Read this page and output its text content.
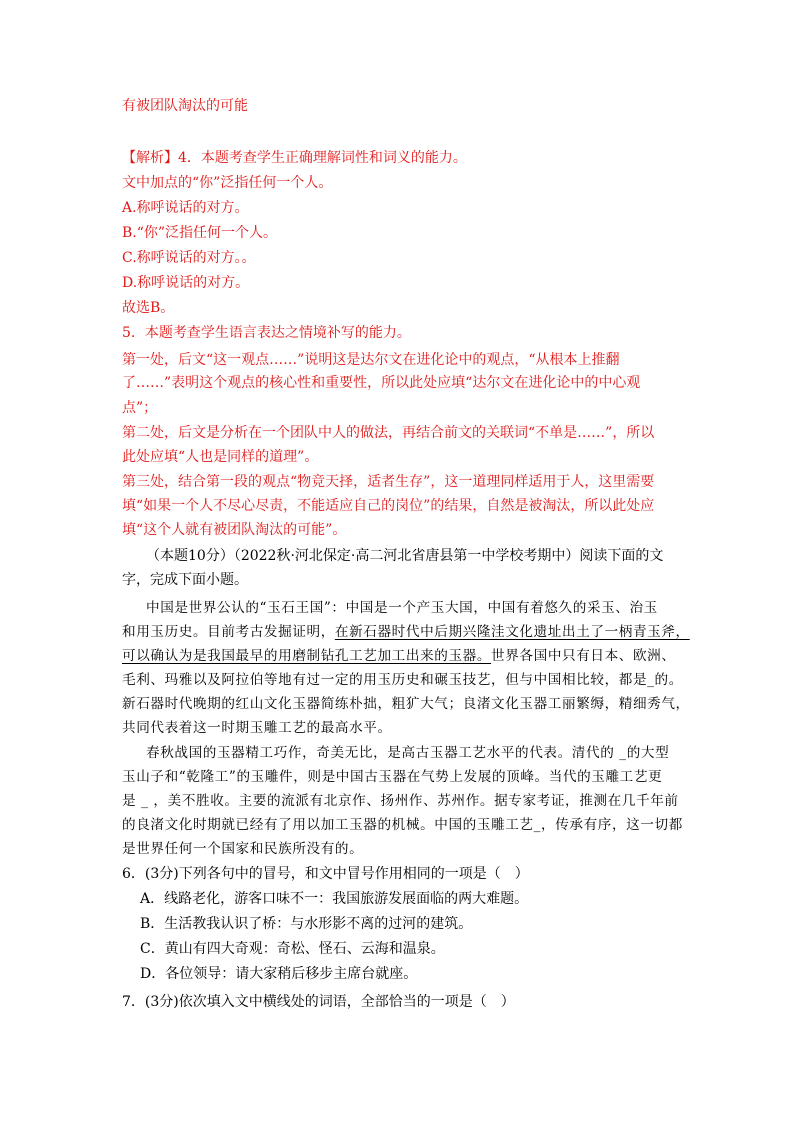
有被团队淘汰的可能
【解析】4．本题考查学生正确理解词性和词义的能力。
文中加点的“你”泛指任何一个人。
A.称呼说话的对方。
B.“你”泛指任何一个人。
C.称呼说话的对方。。
D.称呼说话的对方。
故选B。
5．本题考查学生语言表达之情境补写的能力。
第一处，后文“这一观点……”说明这是达尔文在进化论中的观点，“从根本上推翻
了……”表明这个观点的核心性和重要性，所以此处应填“达尔文在进化论中的中心观
点”；
第二处，后文是分析在一个团队中人的做法，再结合前文的关联词“不单是……”，所以
此处应填“人也是同样的道理”。
第三处，结合第一段的观点“物竞天择，适者生存”，这一道理同样适用于人，这里需要
填“如果一个人不尽心尽责，不能适应自己的岗位”的结果，自然是被淘汰，所以此处应
填“这个人就有被团队淘汰的可能”。
（本题10分）（2022秋·河北保定·高二河北省唐县第一中学校考期中）阅读下面的文
字，完成下面小题。
中国是世界公认的“玉石王国”：中国是一个产玉大国，中国有着悠久的采玉、治玉
和用玉历史。目前考古发掘证明，在新石器时代中后期兴隆洼文化遗址出土了一柄青玉斧，
可以确认为是我国最早的用磨制钻孔工艺加工出来的玉器。世界各国中只有日本、欧洲、
毛利、玛雅以及阿拉伯等地有过一定的用玉历史和碾玉技艺，但与中国相比较，都是_的。
新石器时代晚期的红山文化玉器简练朴拙，粗犷大气；良渚文化玉器工丽繁缛，精细秀气，
共同代表着这一时期玉雕工艺的最高水平。
春秋战国的玉器精工巧作，奇美无比，是高古玉器工艺水平的代表。清代的 _的大型
玉山子和“乾隆工”的玉雕件，则是中国古玉器在气势上发展的顶峰。当代的玉雕工艺更
是 _ ，美不胜收。主要的流派有北京作、扬州作、苏州作。据专家考证，推测在几千年前
的良渚文化时期就已经有了用以加工玉器的机械。中国的玉雕工艺_，传承有序，这一切都
是世界任何一个国家和民族所没有的。
6．(3分)下列各句中的冒号，和文中冒号作用相同的一项是（　）
A．线路老化，游客口味不一：我国旅游发展面临的两大难题。
B．生活教我认识了桥：与水形影不离的过河的建筑。
C．黄山有四大奇观：奇松、怪石、云海和温泉。
D．各位领导：请大家稍后移步主席台就座。
7．(3分)依次填入文中横线处的词语，全部恰当的一项是（　）
